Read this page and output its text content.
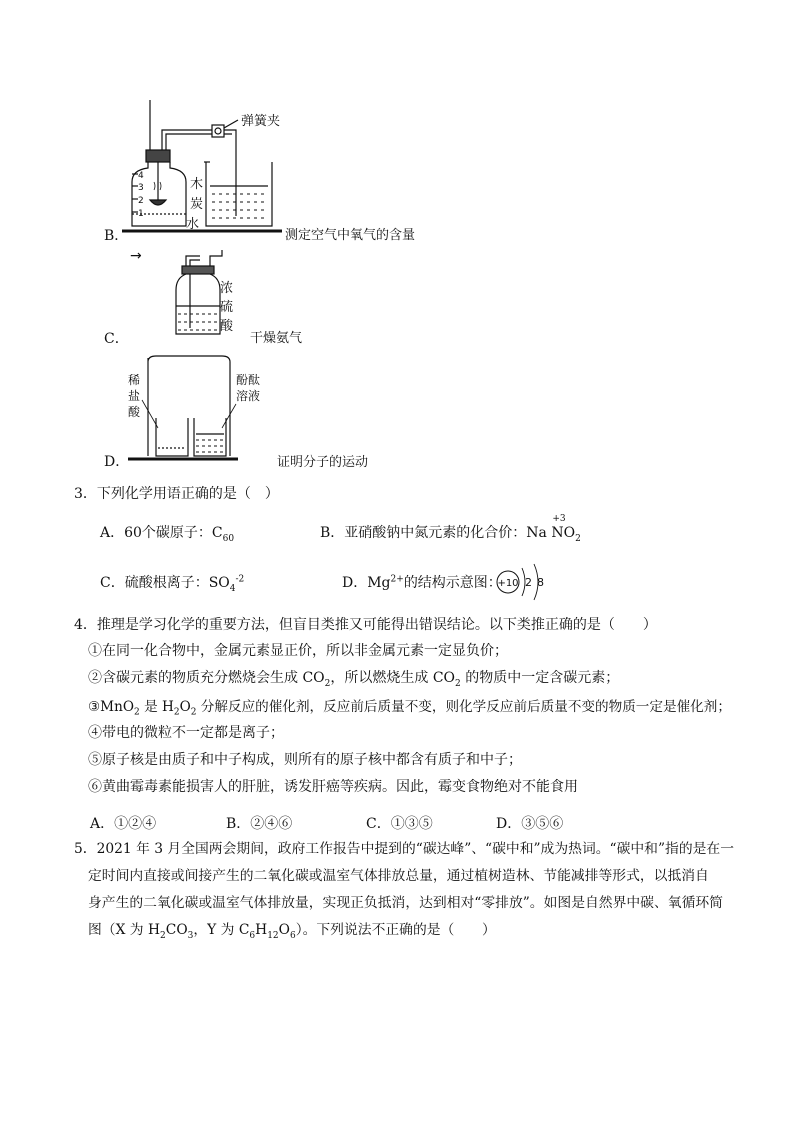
B．
弹簧夹
4
3
2
1
木
炭
水
→
浓
硫
酸
稀
盐
酸
酚酞
溶液
测定空气中氧气的含量
C．	干燥氨气
D．	证明分子的运动
3．下列化学用语正确的是（　）
A．60个碳原子：$C_{60}$	B．亚硝酸钠中氮元素的化合价：Na
+3
$NO_2$
C．硫酸根离子：$SO_4^{-2}$	D．$Mg^{2+}$的结构示意图：
+10 2 8
4．推理是学习化学的重要方法，但盲目类推又可能得出错误结论。以下类推正确的是（　　）
①在同一化合物中，金属元素显正价，所以非金属元素一定显负价；
②含碳元素的物质充分燃烧会生成 $CO_2$，所以燃烧生成 $CO_2$ 的物质中一定含碳元素；
③MnO$_2$ 是 $H_2O_2$ 分解反应的催化剂，反应前后质量不变，则化学反应前后质量不变的物质一定是催化剂；
④带电的微粒不一定都是离子；
⑤原子核是由质子和中子构成，则所有的原子核中都含有质子和中子；
⑥黄曲霉毒素能损害人的肝脏，诱发肝癌等疾病。因此，霉变食物绝对不能食用
A．①②④	B．②④⑥	C．①③⑤	D．③⑤⑥
5．2021 年 3 月全国两会期间，政府工作报告中提到的“碳达峰”、“碳中和”成为热词。“碳中和”指的是在一
定时间内直接或间接产生的二氧化碳或温室气体排放总量，通过植树造林、节能减排等形式，以抵消自
身产生的二氧化碳或温室气体排放量，实现正负抵消，达到相对“零排放”。如图是自然界中碳、氧循环简
图（X 为 $H_2CO_3$，Y 为 $C_6H_{12}O_6$）。下列说法不正确的是（　　）
